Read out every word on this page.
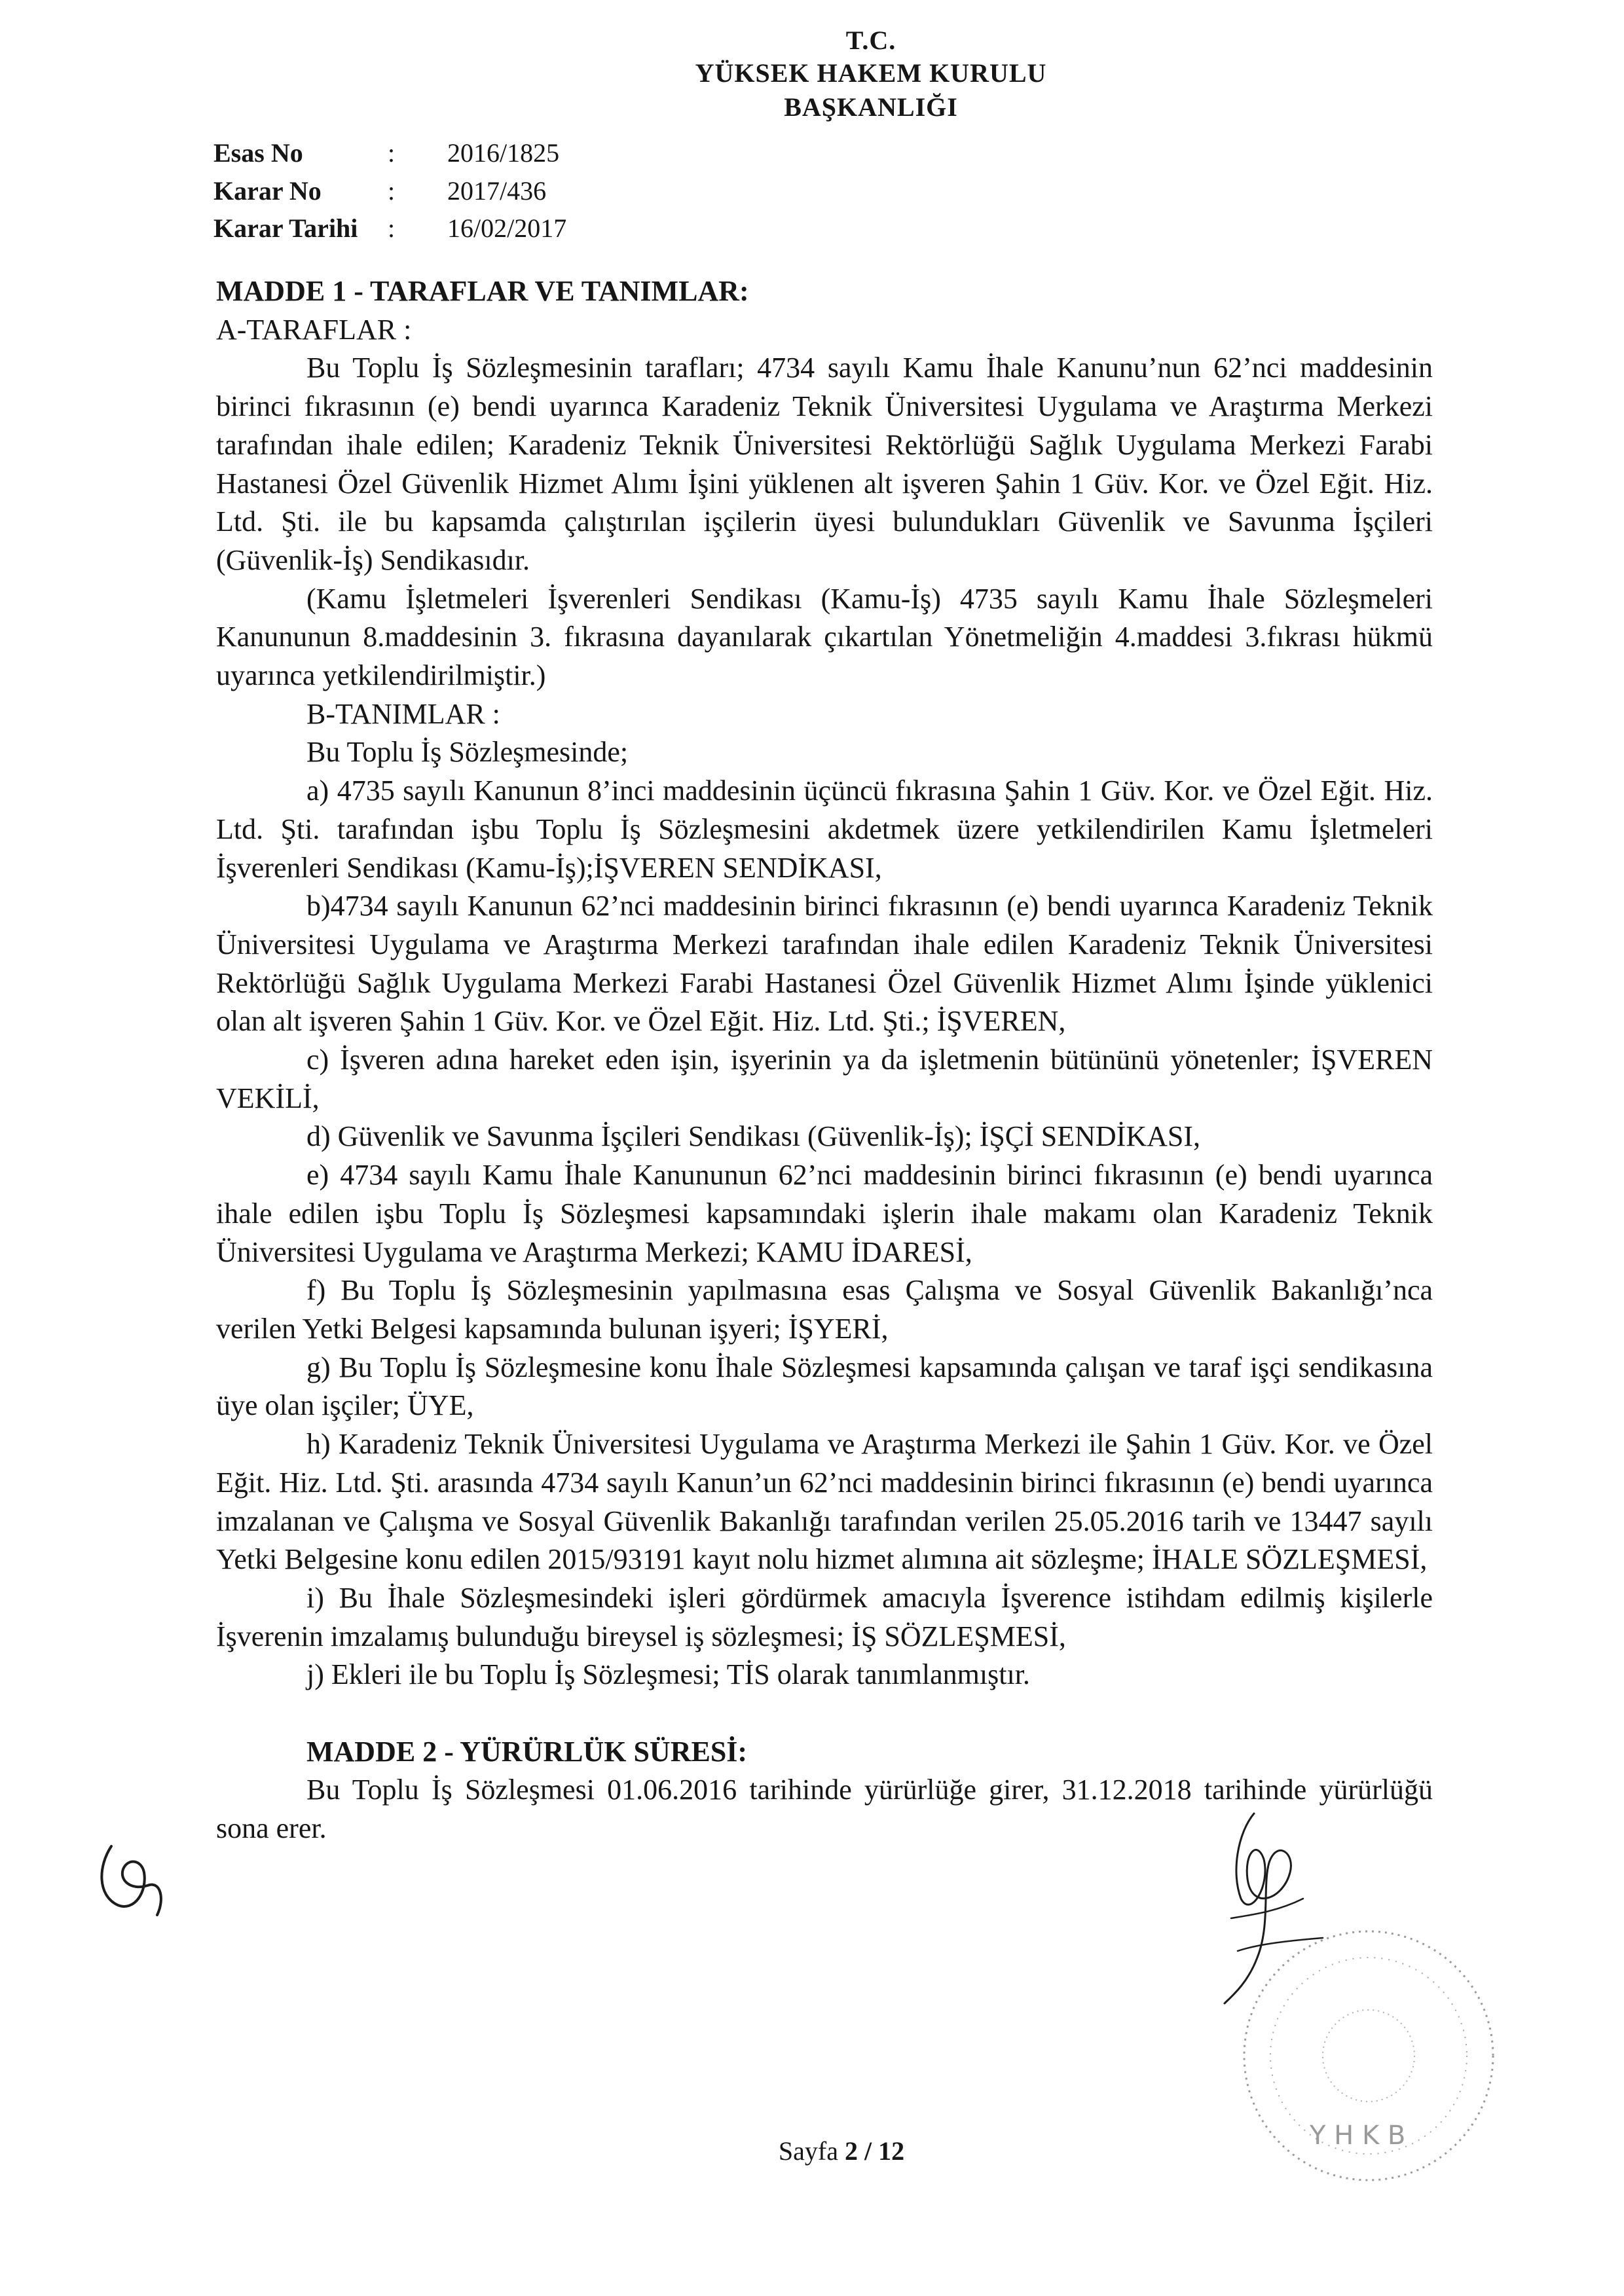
T.C.
YÜKSEK HAKEM KURULU
BAŞKANLIĞI
Esas No	: 2016/1825
Karar No	: 2017/436
Karar Tarihi : 16/02/2017

MADDE 1 - TARAFLAR VE TANIMLAR:

A-TARAFLAR :

Bu Toplu İş Sözleşmesinin tarafları; 4734 sayılı Kamu İhale Kanunu’nun 62’nci maddesinin birinci fıkrasının (e) bendi uyarınca Karadeniz Teknik Üniversitesi Uygulama ve Araştırma Merkezi tarafından ihale edilen; Karadeniz Teknik Üniversitesi Rektörlüğü Sağlık Uygulama Merkezi Farabi Hastanesi Özel Güvenlik Hizmet Alımı İşini yüklenen alt işveren Şahin 1 Güv. Kor. ve Özel Eğit. Hiz. Ltd. Şti. ile bu kapsamda çalıştırılan işçilerin üyesi bulundukları Güvenlik ve Savunma İşçileri (Güvenlik-İş) Sendikasıdır.

(Kamu İşletmeleri İşverenleri Sendikası (Kamu-İş) 4735 sayılı Kamu İhale Sözleşmeleri Kanununun 8.maddesinin 3. fıkrasına dayanılarak çıkartılan Yönetmeliğin 4.maddesi 3.fıkrası hükmü uyarınca yetkilendirilmiştir.)

B-TANIMLAR :

Bu Toplu İş Sözleşmesinde;

a) 4735 sayılı Kanunun 8’inci maddesinin üçüncü fıkrasına Şahin 1 Güv. Kor. ve Özel Eğit. Hiz. Ltd. Şti. tarafından işbu Toplu İş Sözleşmesini akdetmek üzere yetkilendirilen Kamu İşletmeleri İşverenleri Sendikası (Kamu-İş);İŞVEREN SENDİKASI,

b)4734 sayılı Kanunun 62’nci maddesinin birinci fıkrasının (e) bendi uyarınca Karadeniz Teknik Üniversitesi Uygulama ve Araştırma Merkezi tarafından ihale edilen Karadeniz Teknik Üniversitesi Rektörlüğü Sağlık Uygulama Merkezi Farabi Hastanesi Özel Güvenlik Hizmet Alımı İşinde yüklenici olan alt işveren Şahin 1 Güv. Kor. ve Özel Eğit. Hiz. Ltd. Şti.; İŞVEREN,

c) İşveren adına hareket eden işin, işyerinin ya da işletmenin bütününü yönetenler; İŞVEREN VEKİLİ,

d) Güvenlik ve Savunma İşçileri Sendikası (Güvenlik-İş); İŞÇİ SENDİKASI,

e) 4734 sayılı Kamu İhale Kanununun 62’nci maddesinin birinci fıkrasının (e) bendi uyarınca ihale edilen işbu Toplu İş Sözleşmesi kapsamındaki işlerin ihale makamı olan Karadeniz Teknik Üniversitesi Uygulama ve Araştırma Merkezi; KAMU İDARESİ,

f) Bu Toplu İş Sözleşmesinin yapılmasına esas Çalışma ve Sosyal Güvenlik Bakanlığı’nca verilen Yetki Belgesi kapsamında bulunan işyeri; İŞYERİ,

g) Bu Toplu İş Sözleşmesine konu İhale Sözleşmesi kapsamında çalışan ve taraf işçi sendikasına üye olan işçiler; ÜYE,

h) Karadeniz Teknik Üniversitesi Uygulama ve Araştırma Merkezi ile Şahin 1 Güv. Kor. ve Özel Eğit. Hiz. Ltd. Şti. arasında 4734 sayılı Kanun’un 62’nci maddesinin birinci fıkrasının (e) bendi uyarınca imzalanan ve Çalışma ve Sosyal Güvenlik Bakanlığı tarafından verilen 25.05.2016 tarih ve 13447 sayılı Yetki Belgesine konu edilen 2015/93191 kayıt nolu hizmet alımına ait sözleşme; İHALE SÖZLEŞMESİ,

i) Bu İhale Sözleşmesindeki işleri gördürmek amacıyla İşverence istihdam edilmiş kişilerle İşverenin imzalamış bulunduğu bireysel iş sözleşmesi; İŞ SÖZLEŞMESİ,

j) Ekleri ile bu Toplu İş Sözleşmesi; TİS olarak tanımlanmıştır.

MADDE 2 - YÜRÜRLÜK SÜRESİ:

Bu Toplu İş Sözleşmesi 01.06.2016 tarihinde yürürlüğe girer, 31.12.2018 tarihinde yürürlüğü sona erer.

Y H K B
Sayfa 2 / 12
